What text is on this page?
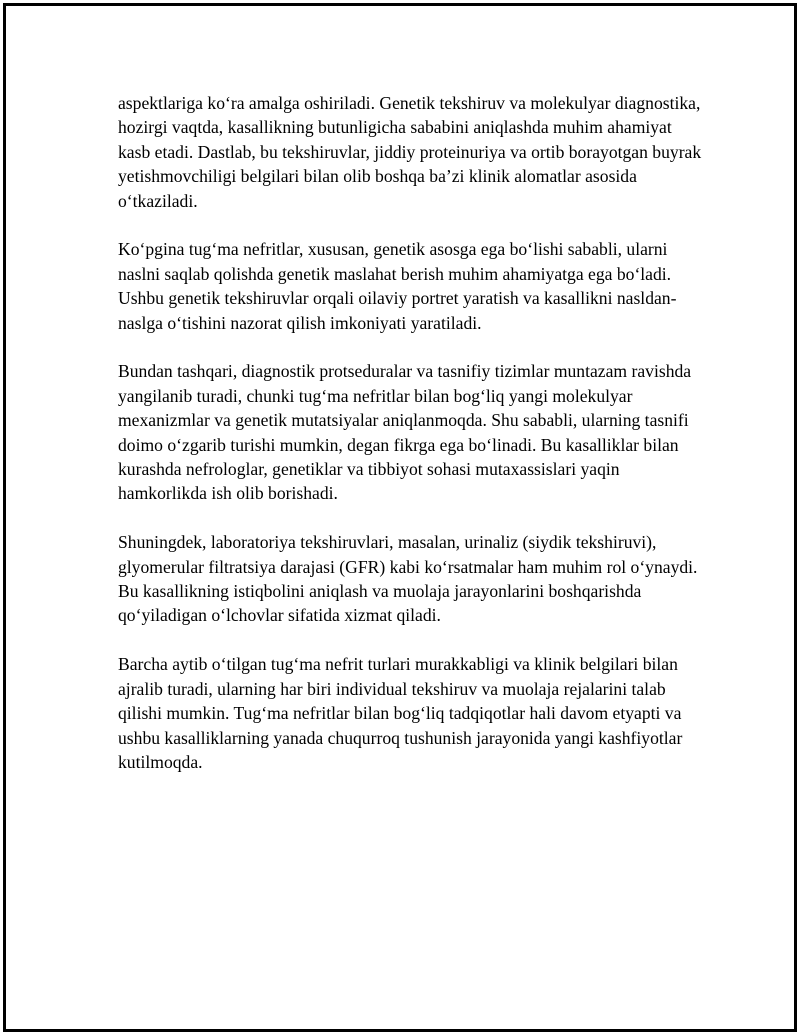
aspektlariga ko‘ra amalga oshiriladi. Genetik tekshiruv va molekulyar diagnostika, hozirgi vaqtda, kasallikning butunligicha sababini aniqlashda muhim ahamiyat kasb etadi. Dastlab, bu tekshiruvlar, jiddiy proteinuriya va ortib borayotgan buyrak yetishmovchiligi belgilari bilan olib boshqa ba’zi klinik alomatlar asosida o‘tkaziladi.

Ko‘pgina tug‘ma nefritlar, xususan, genetik asosga ega bo‘lishi sababli, ularni naslni saqlab qolishda genetik maslahat berish muhim ahamiyatga ega bo‘ladi. Ushbu genetik tekshiruvlar orqali oilaviy portret yaratish va kasallikni nasldan-naslga o‘tishini nazorat qilish imkoniyati yaratiladi.

Bundan tashqari, diagnostik protseduralar va tasnifiy tizimlar muntazam ravishda yangilanib turadi, chunki tug‘ma nefritlar bilan bog‘liq yangi molekulyar mexanizmlar va genetik mutatsiyalar aniqlanmoqda. Shu sababli, ularning tasnifi doimo o‘zgarib turishi mumkin, degan fikrga ega bo‘linadi. Bu kasalliklar bilan kurashda nefrologlar, genetiklar va tibbiyot sohasi mutaxassislari yaqin hamkorlikda ish olib borishadi.

Shuningdek, laboratoriya tekshiruvlari, masalan, urinaliz (siydik tekshiruvi), glyomerular filtratsiya darajasi (GFR) kabi ko‘rsatmalar ham muhim rol o‘ynaydi. Bu kasallikning istiqbolini aniqlash va muolaja jarayonlarini boshqarishda qo‘yiladigan o‘lchovlar sifatida xizmat qiladi.

Barcha aytib o‘tilgan tug‘ma nefrit turlari murakkabligi va klinik belgilari bilan ajralib turadi, ularning har biri individual tekshiruv va muolaja rejalarini talab qilishi mumkin. Tug‘ma nefritlar bilan bog‘liq tadqiqotlar hali davom etyapti va ushbu kasalliklarning yanada chuqurroq tushunish jarayonida yangi kashfiyotlar kutilmoqda.
